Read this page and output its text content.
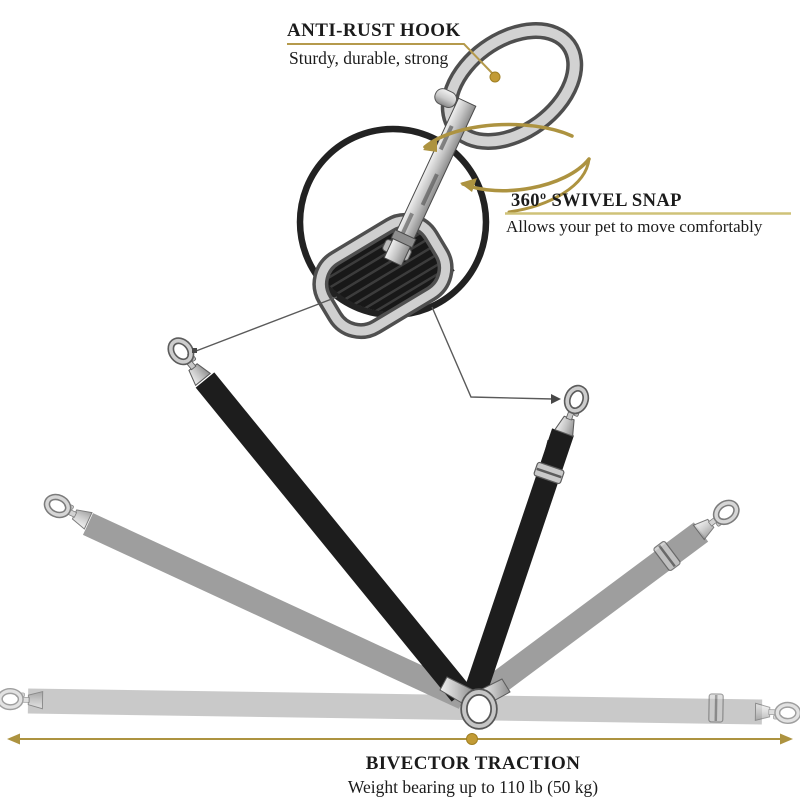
ANTI-RUST HOOK
Sturdy, durable, strong
360º SWIVEL SNAP
Allows your pet to move comfortably
BIVECTOR TRACTION
Weight bearing up to 110 lb (50 kg)
